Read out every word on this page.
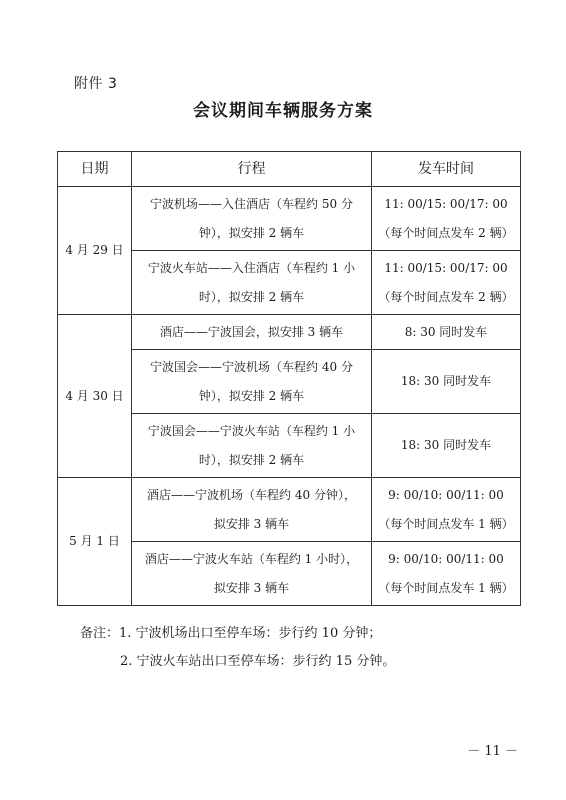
附件 3
会议期间车辆服务方案
日期	行程	发车时间
4 月 29 日	宁波机场——入住酒店（车程约 50 分
钟），拟安排 2 辆车	11: 00/15: 00/17: 00
（每个时间点发车 2 辆）

	宁波火车站——入住酒店（车程约 1 小
时），拟安排 2 辆车	11: 00/15: 00/17: 00
（每个时间点发车 2 辆）

4 月 30 日	酒店——宁波国会，拟安排 3 辆车	8: 30 同时发车

	宁波国会——宁波机场（车程约 40 分
钟），拟安排 2 辆车	18: 30 同时发车

	宁波国会——宁波火车站（车程约 1 小
时），拟安排 2 辆车	18: 30 同时发车

5 月 1 日	酒店——宁波机场（车程约 40 分钟），
拟安排 3 辆车	9: 00/10: 00/11: 00
（每个时间点发车 1 辆）

	酒店——宁波火车站（车程约 1 小时），
拟安排 3 辆车	9: 00/10: 00/11: 00
（每个时间点发车 1 辆）
备注：1. 宁波机场出口至停车场：步行约 10 分钟；
2. 宁波火车站出口至停车场：步行约 15 分钟。
－ 11 －
